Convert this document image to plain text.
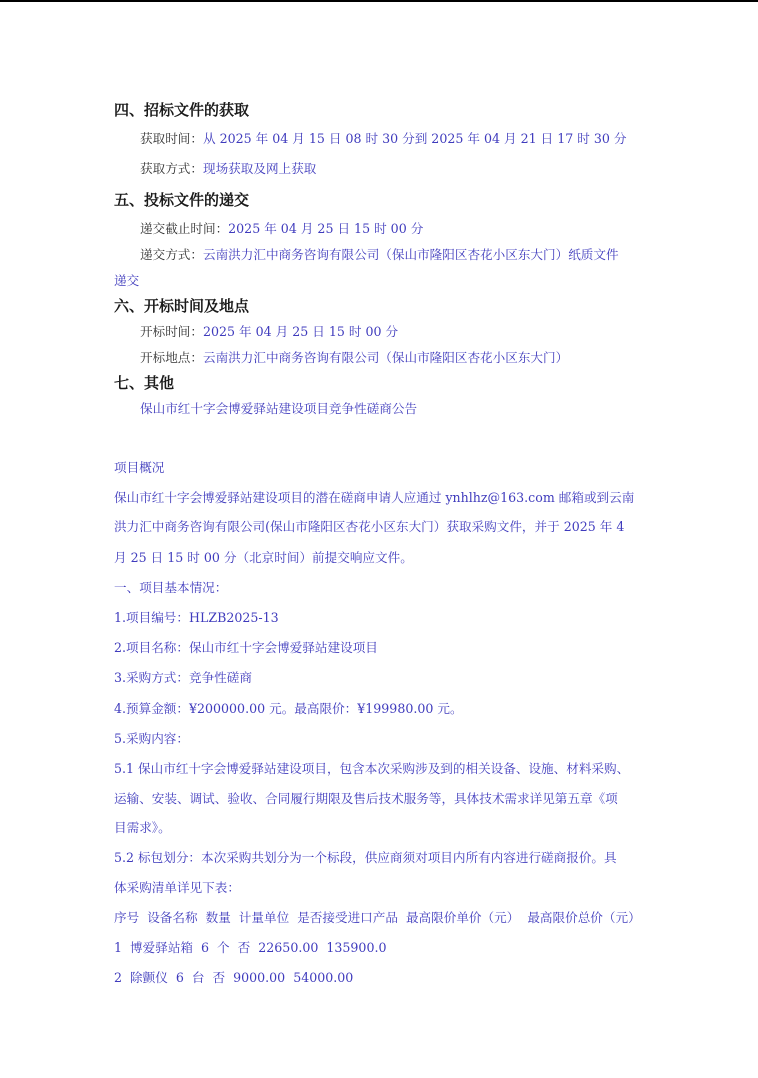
四、招标文件的获取
获取时间：从 2025 年 04 月 15 日 08 时 30 分到 2025 年 04 月 21 日 17 时 30 分
获取方式：现场获取及网上获取
五、投标文件的递交
递交截止时间：2025 年 04 月 25 日 15 时 00 分
递交方式：云南洪力汇中商务咨询有限公司（保山市隆阳区杏花小区东大门）纸质文件
递交
六、开标时间及地点
开标时间：2025 年 04 月 25 日 15 时 00 分
开标地点：云南洪力汇中商务咨询有限公司（保山市隆阳区杏花小区东大门）
七、其他
保山市红十字会博爱驿站建设项目竞争性磋商公告
项目概况
保山市红十字会博爱驿站建设项目的潜在磋商申请人应通过 ynhlhz@163.com 邮箱或到云南
洪力汇中商务咨询有限公司(保山市隆阳区杏花小区东大门）获取采购文件，并于 2025 年 4
月 25 日 15 时 00 分（北京时间）前提交响应文件。
一、项目基本情况：
1.项目编号：HLZB2025-13
2.项目名称：保山市红十字会博爱驿站建设项目
3.采购方式：竞争性磋商
4.预算金额：¥200000.00 元。最高限价：¥199980.00 元。
5.采购内容：
5.1 保山市红十字会博爱驿站建设项目，包含本次采购涉及到的相关设备、设施、材料采购、
运输、安装、调试、验收、合同履行期限及售后技术服务等，具体技术需求详见第五章《项
目需求》。
5.2 标包划分：本次采购共划分为一个标段，供应商须对项目内所有内容进行磋商报价。具
体采购清单详见下表：
序号 设备名称 数量 计量单位 是否接受进口产品 最高限价单价（元） 最高限价总价（元）
1 博爱驿站箱 6 个 否 22650.00 135900.0
2 除颤仪 6 台 否 9000.00 54000.00
